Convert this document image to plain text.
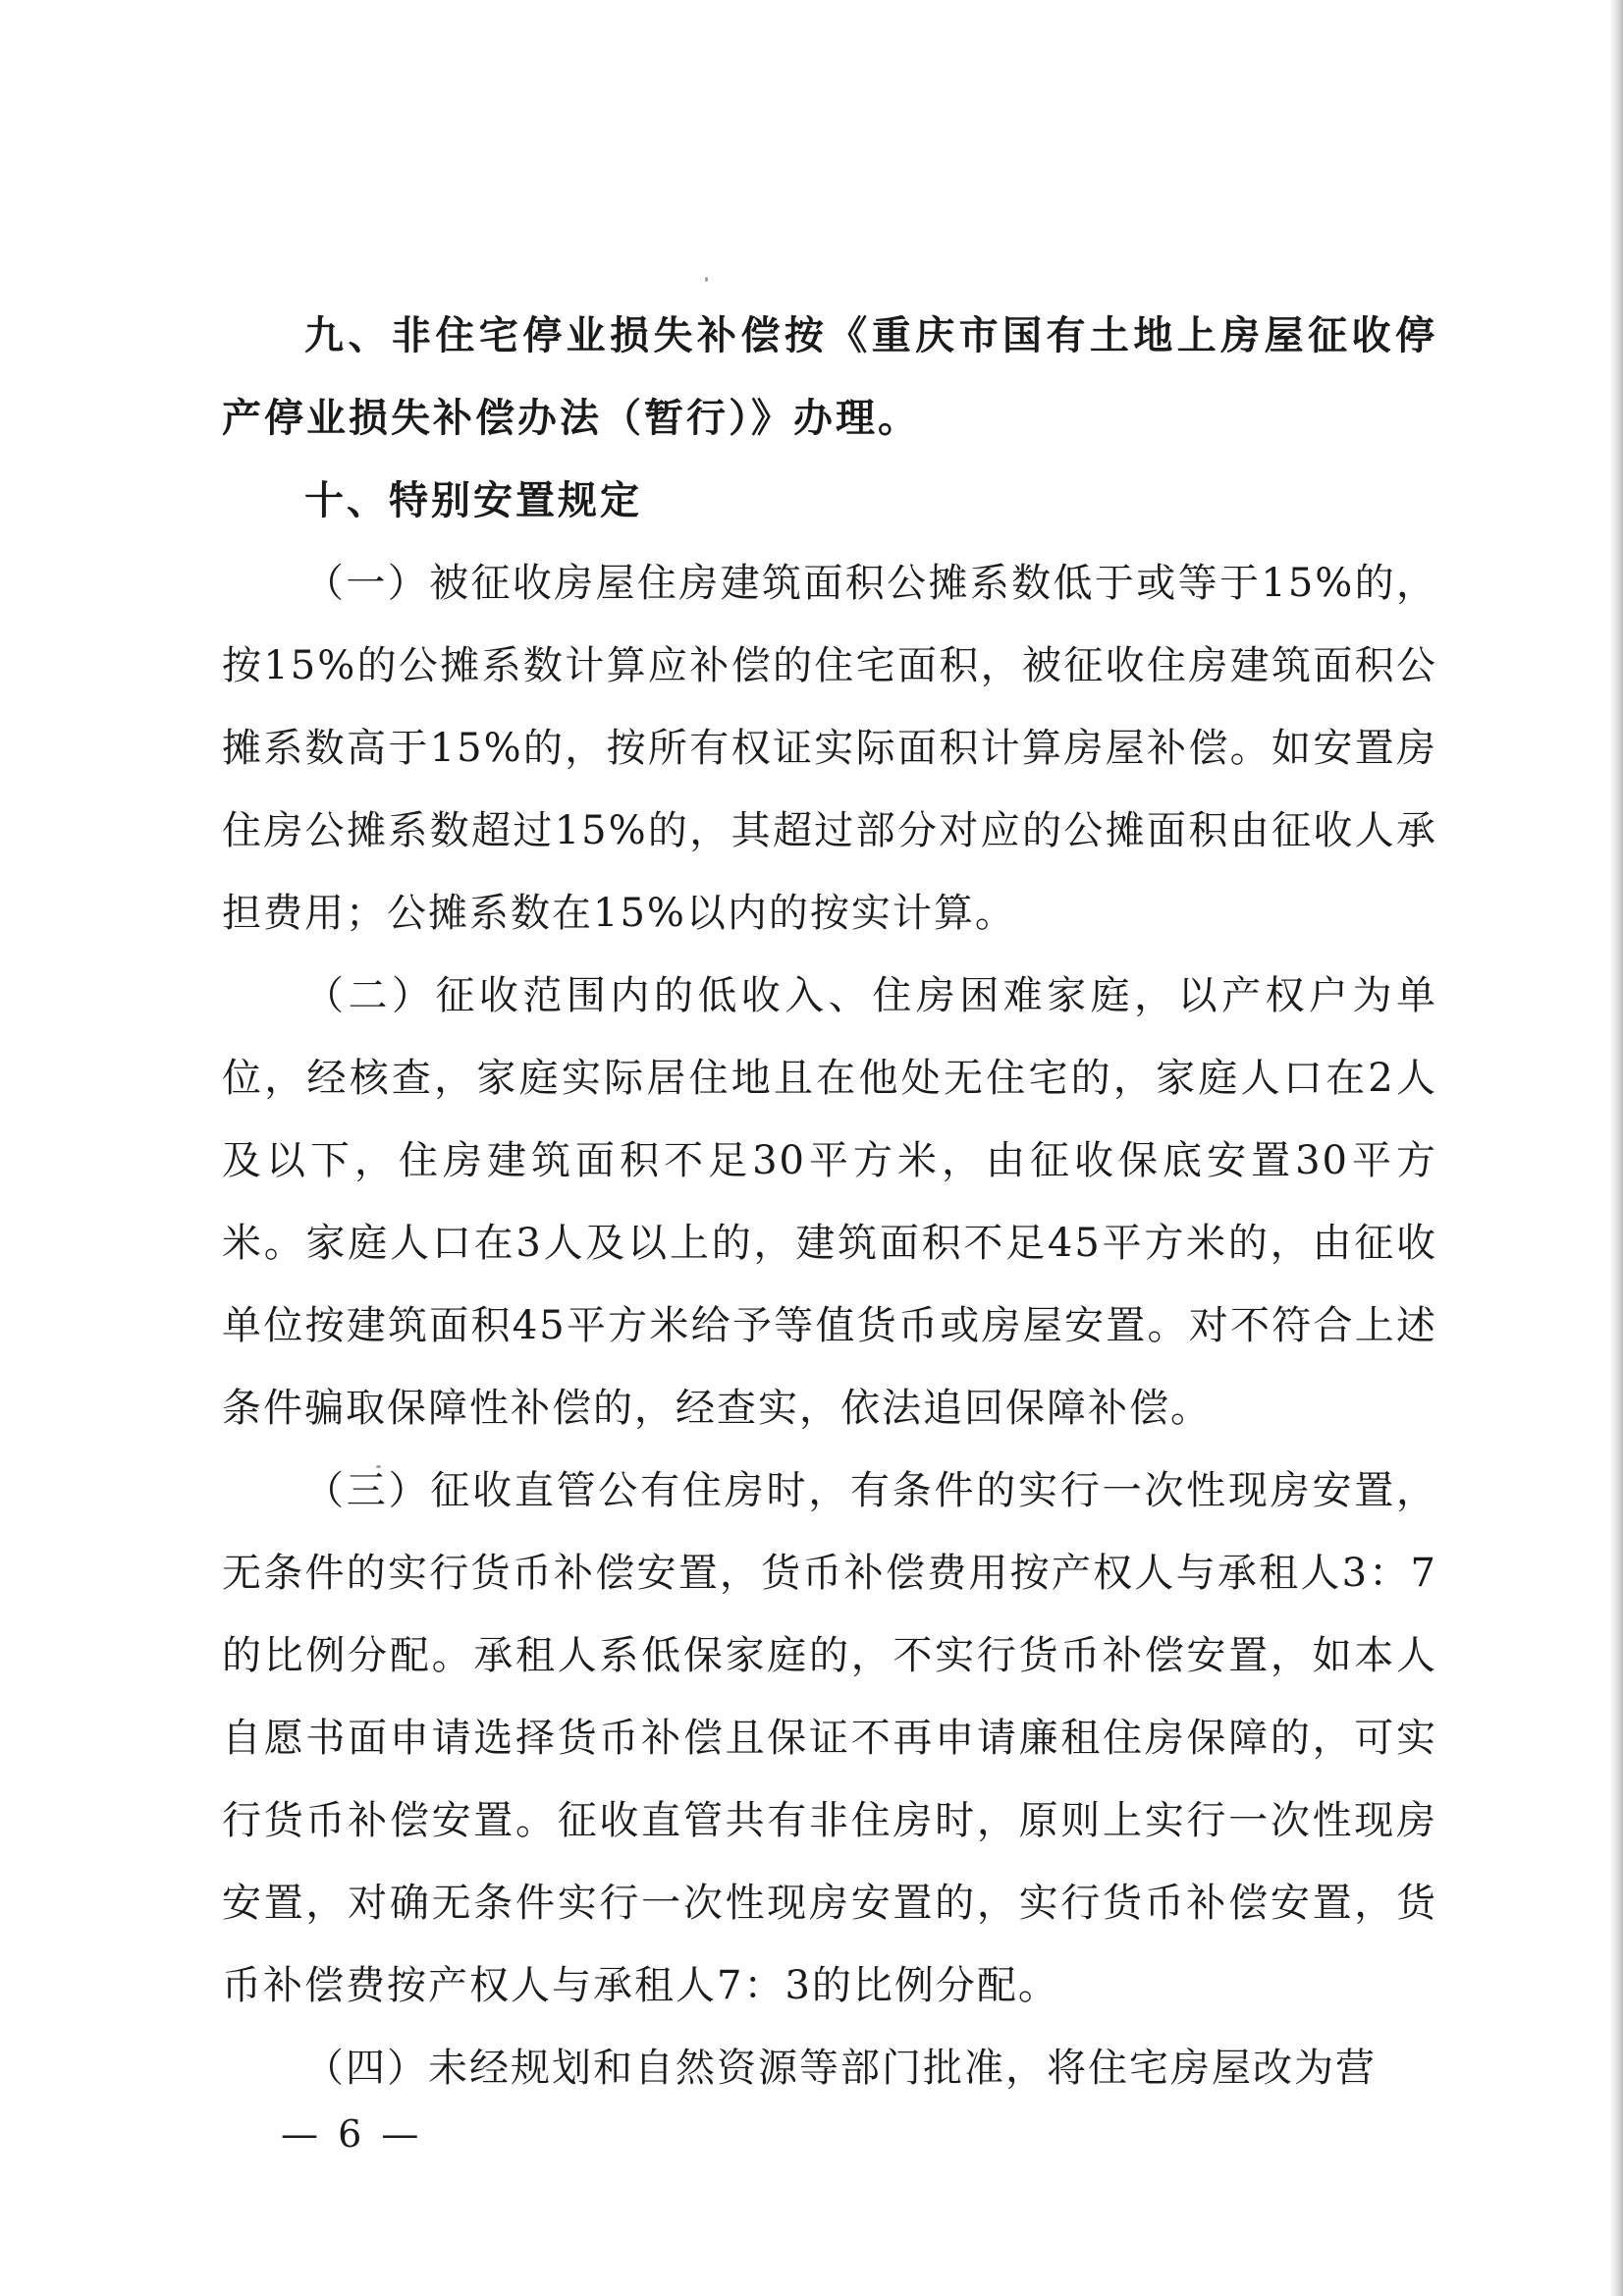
九、非住宅停业损失补偿按《重庆市国有土地上房屋征收停产停业损失补偿办法（暂行）》办理。

十、特别安置规定

（一）被征收房屋住房建筑面积公摊系数低于或等于15%的，按15%的公摊系数计算应补偿的住宅面积，被征收住房建筑面积公摊系数高于15%的，按所有权证实际面积计算房屋补偿。如安置房住房公摊系数超过15%的，其超过部分对应的公摊面积由征收人承担费用；公摊系数在15%以内的按实计算。

（二）征收范围内的低收入、住房困难家庭，以产权户为单位，经核查，家庭实际居住地且在他处无住宅的，家庭人口在2人及以下，住房建筑面积不足30平方米，由征收保底安置30平方米。家庭人口在3人及以上的，建筑面积不足45平方米的，由征收单位按建筑面积45平方米给予等值货币或房屋安置。对不符合上述条件骗取保障性补偿的，经查实，依法追回保障补偿。

（三）征收直管公有住房时，有条件的实行一次性现房安置，无条件的实行货币补偿安置，货币补偿费用按产权人与承租人3：7的比例分配。承租人系低保家庭的，不实行货币补偿安置，如本人自愿书面申请选择货币补偿且保证不再申请廉租住房保障的，可实行货币补偿安置。征收直管共有非住房时，原则上实行一次性现房安置，对确无条件实行一次性现房安置的，实行货币补偿安置，货币补偿费按产权人与承租人7：3的比例分配。

（四）未经规划和自然资源等部门批准，将住宅房屋改为营

— 6 —
